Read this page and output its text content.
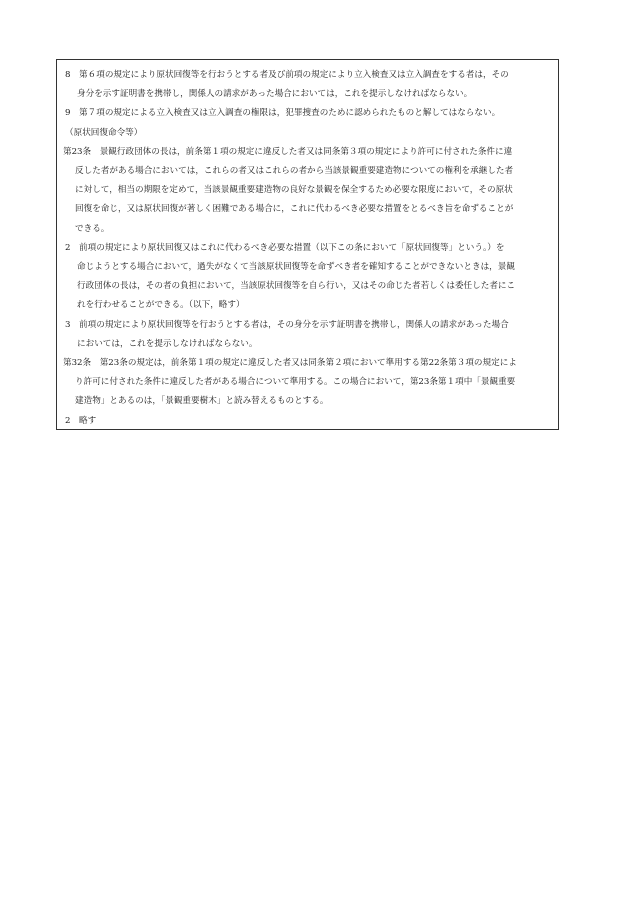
8　第６項の規定により原状回復等を行おうとする者及び前項の規定により立入検査又は立入調査をする者は，その
身分を示す証明書を携帯し，関係人の請求があった場合においては，これを提示しなければならない。
9　第７項の規定による立入検査又は立入調査の権限は，犯罪捜査のために認められたものと解してはならない。
（原状回復命令等）
第23条　景観行政団体の長は，前条第１項の規定に違反した者又は同条第３項の規定により許可に付された条件に違
反した者がある場合においては，これらの者又はこれらの者から当該景観重要建造物についての権利を承継した者
に対して，相当の期限を定めて，当該景観重要建造物の良好な景観を保全するため必要な限度において，その原状
回復を命じ，又は原状回復が著しく困難である場合に，これに代わるべき必要な措置をとるべき旨を命ずることが
できる。
2　前項の規定により原状回復又はこれに代わるべき必要な措置（以下この条において「原状回復等」という。）を
命じようとする場合において，過失がなくて当該原状回復等を命ずべき者を確知することができないときは，景観
行政団体の長は，その者の負担において，当該原状回復等を自ら行い，又はその命じた者若しくは委任した者にこ
れを行わせることができる。（以下，略す）
3　前項の規定により原状回復等を行おうとする者は，その身分を示す証明書を携帯し，関係人の請求があった場合
においては，これを提示しなければならない。
第32条　第23条の規定は，前条第１項の規定に違反した者又は同条第２項において準用する第22条第３項の規定によ
り許可に付された条件に違反した者がある場合について準用する。この場合において，第23条第１項中「景観重要
建造物」とあるのは，「景観重要樹木」と読み替えるものとする。
2　略す
